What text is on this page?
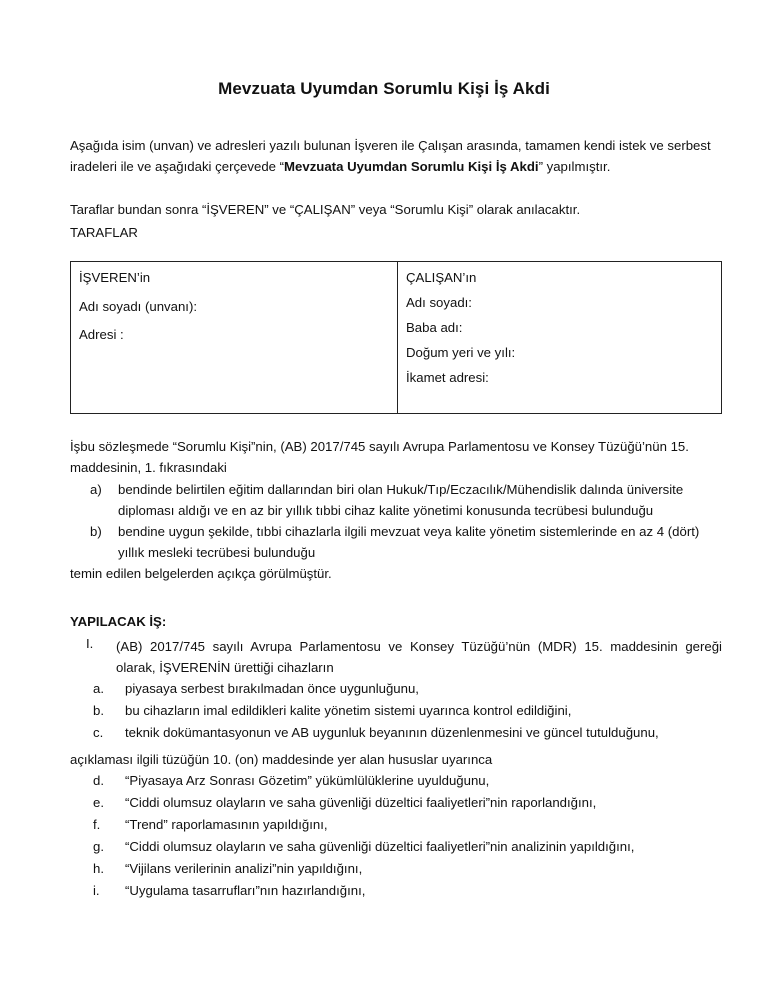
Mevzuata Uyumdan Sorumlu Kişi İş Akdi
Aşağıda isim (unvan) ve adresleri yazılı bulunan İşveren ile Çalışan arasında, tamamen kendi istek ve serbest
iradeleri ile ve aşağıdaki çerçevede “Mevzuata Uyumdan Sorumlu Kişi İş Akdi” yapılmıştır.
Taraflar bundan sonra “İŞVEREN” ve “ÇALIŞAN” veya “Sorumlu Kişi” olarak anılacaktır.
TARAFLAR
İŞVEREN’in
Adı soyadı (unvanı):
Adresi :
ÇALIŞAN’ın
Adı soyadı:
Baba adı:
Doğum yeri ve yılı:
İkamet adresi:
İşbu sözleşmede “Sorumlu Kişi”nin, (AB) 2017/745 sayılı Avrupa Parlamentosu ve Konsey Tüzüğü’nün 15.
maddesinin, 1. fıkrasındaki
a) bendinde belirtilen eğitim dallarından biri olan Hukuk/Tıp/Eczacılık/Mühendislik dalında üniversite
diploması aldığı ve en az bir yıllık tıbbi cihaz kalite yönetimi konusunda tecrübesi bulunduğu
b) bendine uygun şekilde, tıbbi cihazlarla ilgili mevzuat veya kalite yönetim sistemlerinde en az 4 (dört)
yıllık mesleki tecrübesi bulunduğu
temin edilen belgelerden açıkça görülmüştür.
YAPILACAK İŞ:
I. (AB) 2017/745 sayılı Avrupa Parlamentosu ve Konsey Tüzüğü’nün (MDR) 15. maddesinin gereği
olarak, İŞVERENİN ürettiği cihazların
a. piyasaya serbest bırakılmadan önce uygunluğunu,
b. bu cihazların imal edildikleri kalite yönetim sistemi uyarınca kontrol edildiğini,
c. teknik dokümantasyonun ve AB uygunluk beyanının düzenlenmesini ve güncel tutulduğunu,
açıklaması ilgili tüzüğün 10. (on) maddesinde yer alan hususlar uyarınca
d. “Piyasaya Arz Sonrası Gözetim” yükümlülüklerine uyulduğunu,
e. “Ciddi olumsuz olayların ve saha güvenliği düzeltici faaliyetleri”nin raporlandığını,
f. “Trend” raporlamasının yapıldığını,
g. “Ciddi olumsuz olayların ve saha güvenliği düzeltici faaliyetleri”nin analizinin yapıldığını,
h. “Vijilans verilerinin analizi”nin yapıldığını,
i. “Uygulama tasarrufları”nın hazırlandığını,
